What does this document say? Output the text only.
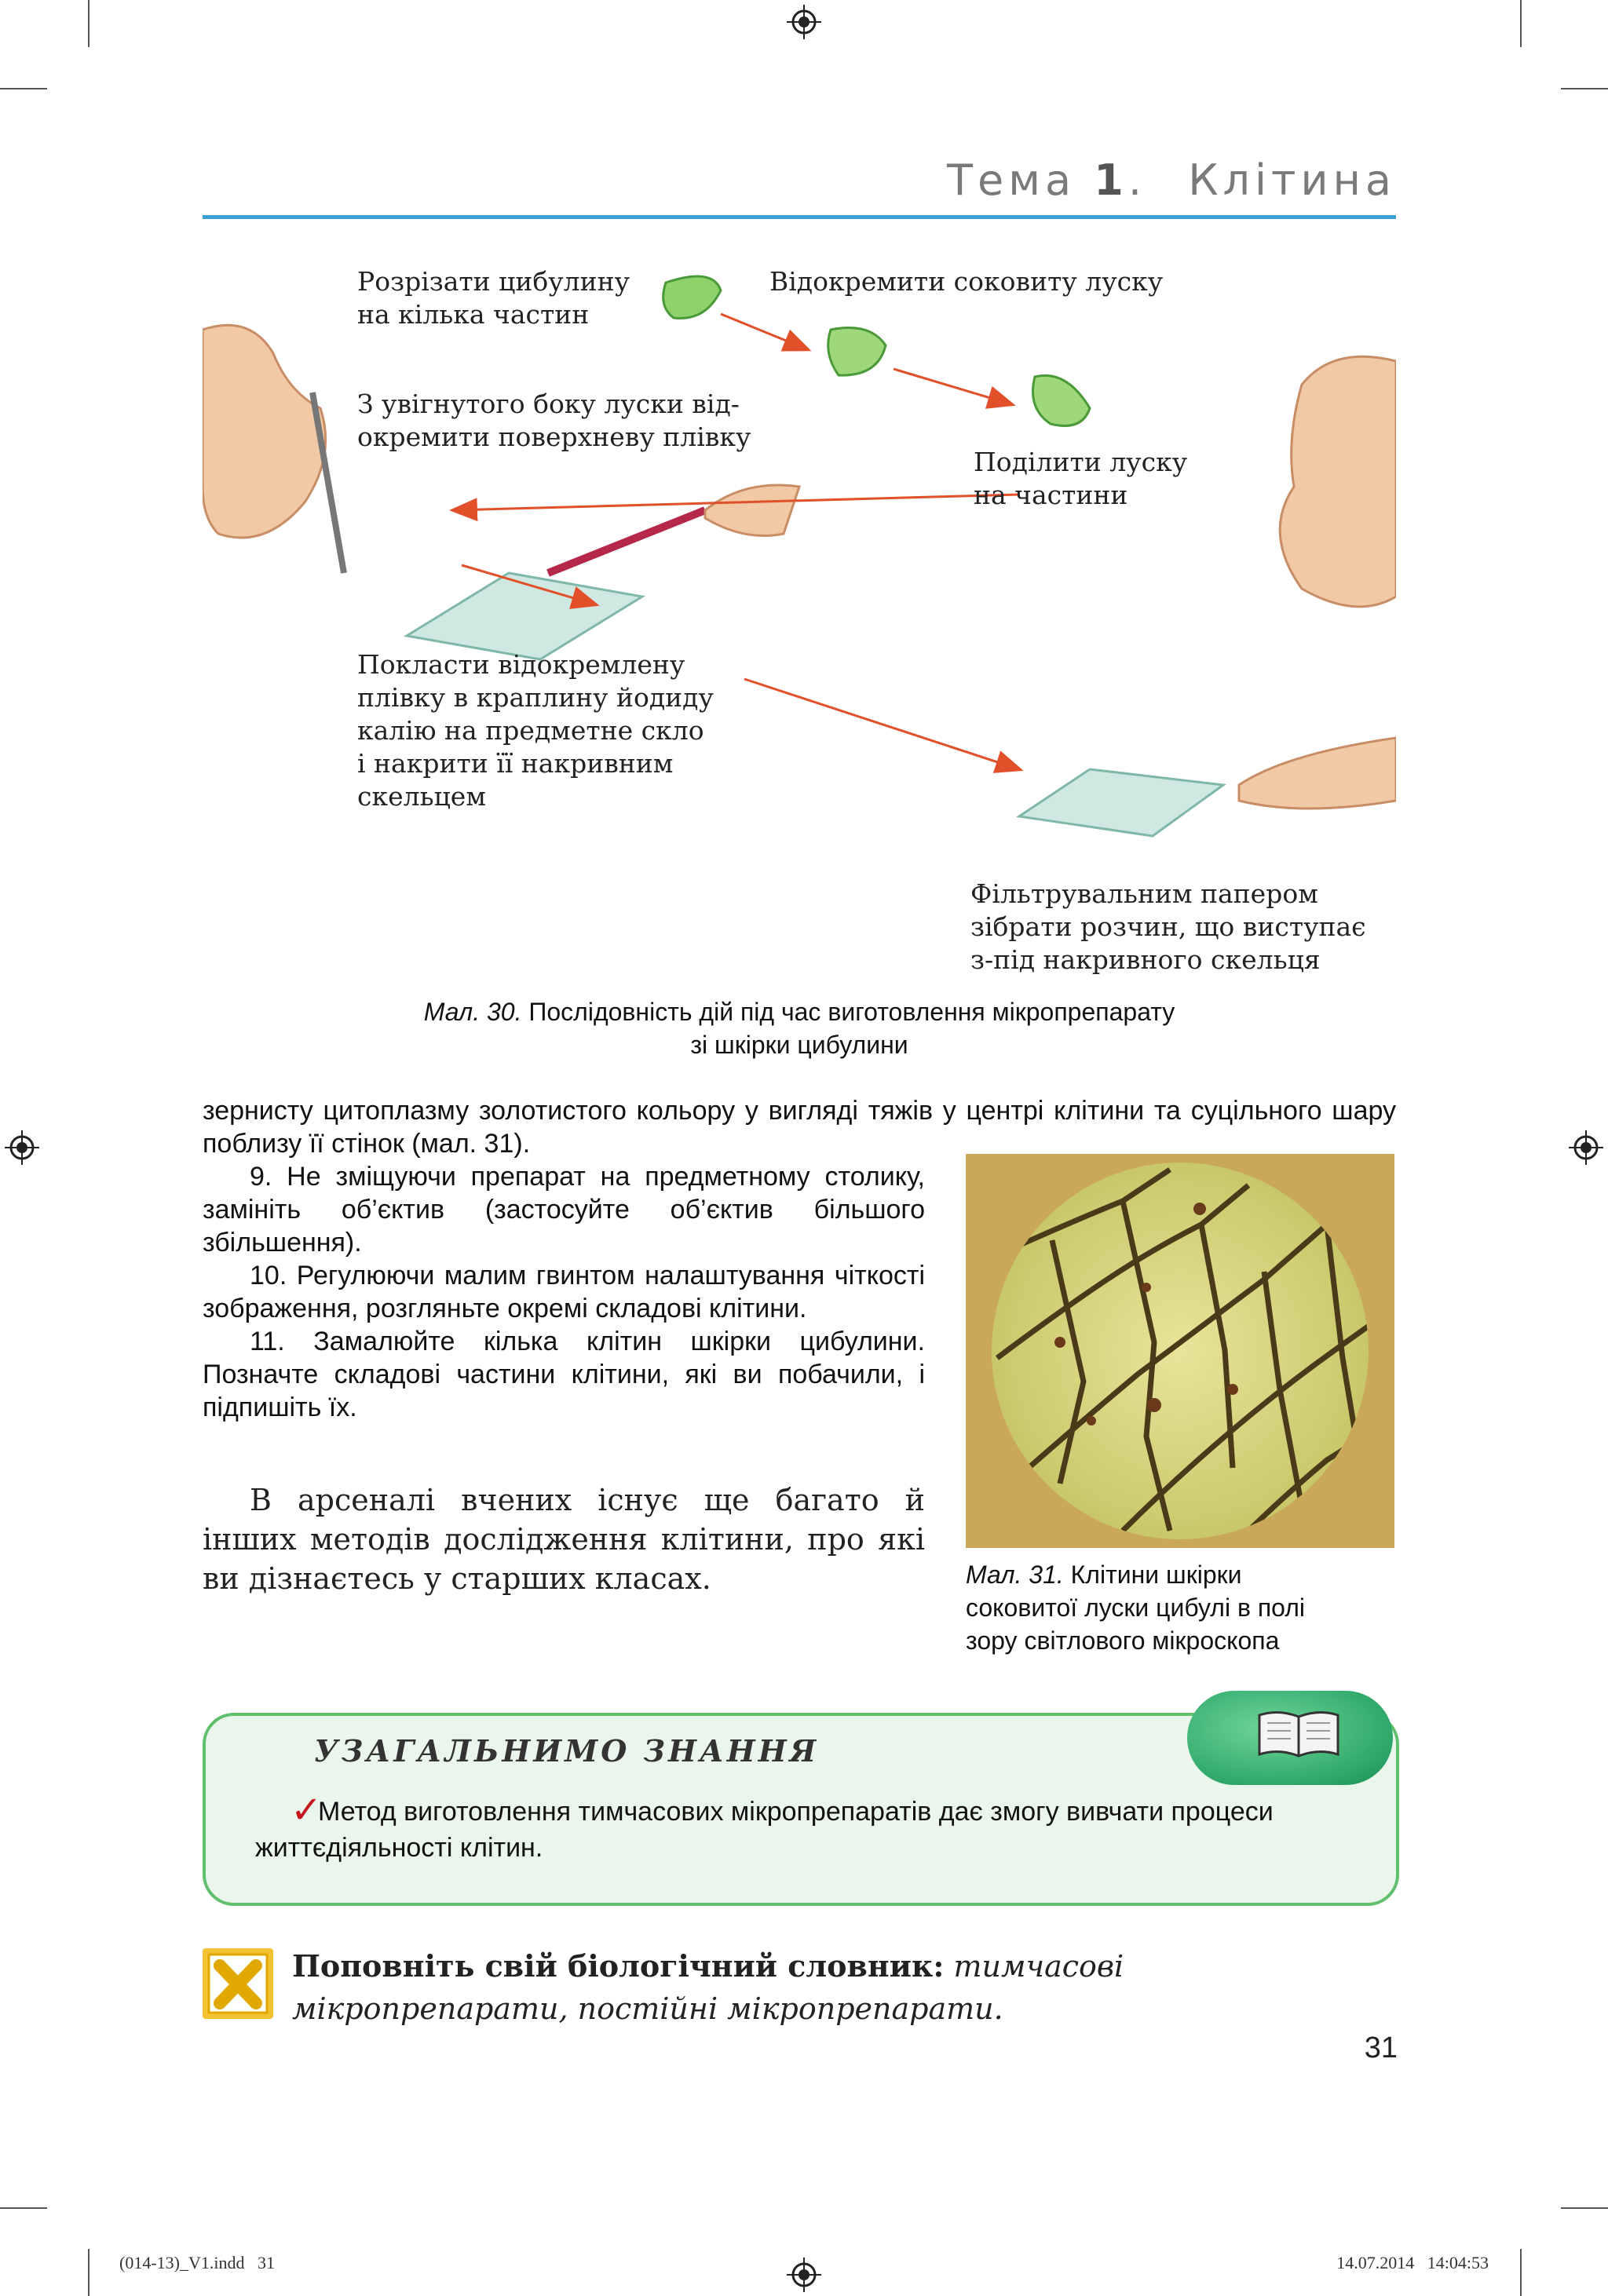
Тема 1. Клітина
Розрізати цибулину
на кілька частин
Відокремити соковиту луску
З увігнутого боку луски від-
окремити поверхневу плівку
Поділити луску
на частини
Покласти відокремлену
плівку в краплину йодиду
калію на предметне скло
і накрити її накривним
скельцем
Фільтрувальним папером
зібрати розчин, що виступає
з-під накривного скельця
Мал. 30. Послідовність дій під час виготовлення мікропрепарату
зі шкірки цибулини
зернисту цитоплазму золотистого кольору у вигляді тяжів у центрі клітини та суцільного шару поблизу її стінок (мал. 31).

9. Не зміщуючи препарат на предметному столику, замініть об’єктив (застосуйте об’єктив більшого збільшення).

10. Регулюючи малим гвинтом налаштування чіткості зображення, розгляньте окремі складові клітини.

11. Замалюйте кілька клітин шкірки цибулини. Позначте складові частини клітини, які ви побачили, і підпишіть їх.

В арсеналі вчених існує ще багато й інших методів дослідження клітини, про які ви дізнаєтесь у старших класах.	Мал. 31. Клітини шкірки соковитої луски цибулі в полі зору світлового мікроскопа
УЗАГАЛЬНИМО ЗНАННЯ
✓
Метод виготовлення тимчасових мікропрепаратів дає змогу вивчати процеси життєдіяльності клітин.
Поповніть свій біологічний словник: тимчасові мікропрепарати, постійні мікропрепарати.
31
(014-13)_V1.indd   31	14.07.2014   14:04:53
